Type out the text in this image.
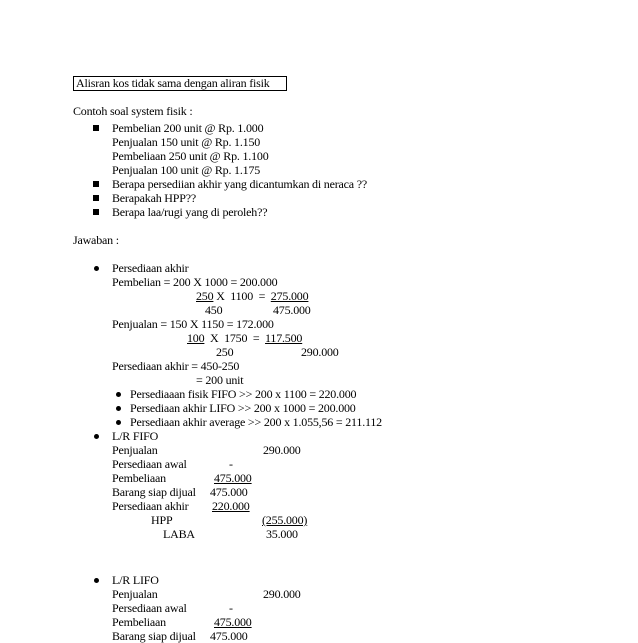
Alisran kos tidak sama dengan aliran fisik
Contoh soal system fisik :
Pembelian 200 unit @ Rp. 1.000
Penjualan 150 unit @ Rp. 1.150
Pembeliaan 250 unit @ Rp. 1.100
Penjualan 100 unit @ Rp. 1.175
Berapa persediian akhir yang dicantumkan di neraca ??
Berapakah HPP??
Berapa laa/rugi yang di peroleh??
Jawaban :
Persediaan akhir
Pembelian = 200 X 1000 = 200.000
250 X  1100  =  275.000
450	475.000
Penjualan = 150 X 1150 = 172.000
100  X  1750  =  117.500
250	290.000
Persediaan akhir = 450-250
= 200 unit
Persediaaan fisik FIFO >> 200 x 1100 = 220.000
Persediaan akhir LIFO >> 200 x 1000 = 200.000
Persediaan akhir average >> 200 x 1.055,56 = 211.112
L/R FIFO
Penjualan	290.000
Persediaan awal	-
Pembeliaan	475.000
Barang siap dijual 475.000
Persediaan akhir	220.000
HPP	(255.000)
LABA	35.000
L/R LIFO
Penjualan	290.000
Persediaan awal	-
Pembeliaan	475.000
Barang siap dijual 475.000
